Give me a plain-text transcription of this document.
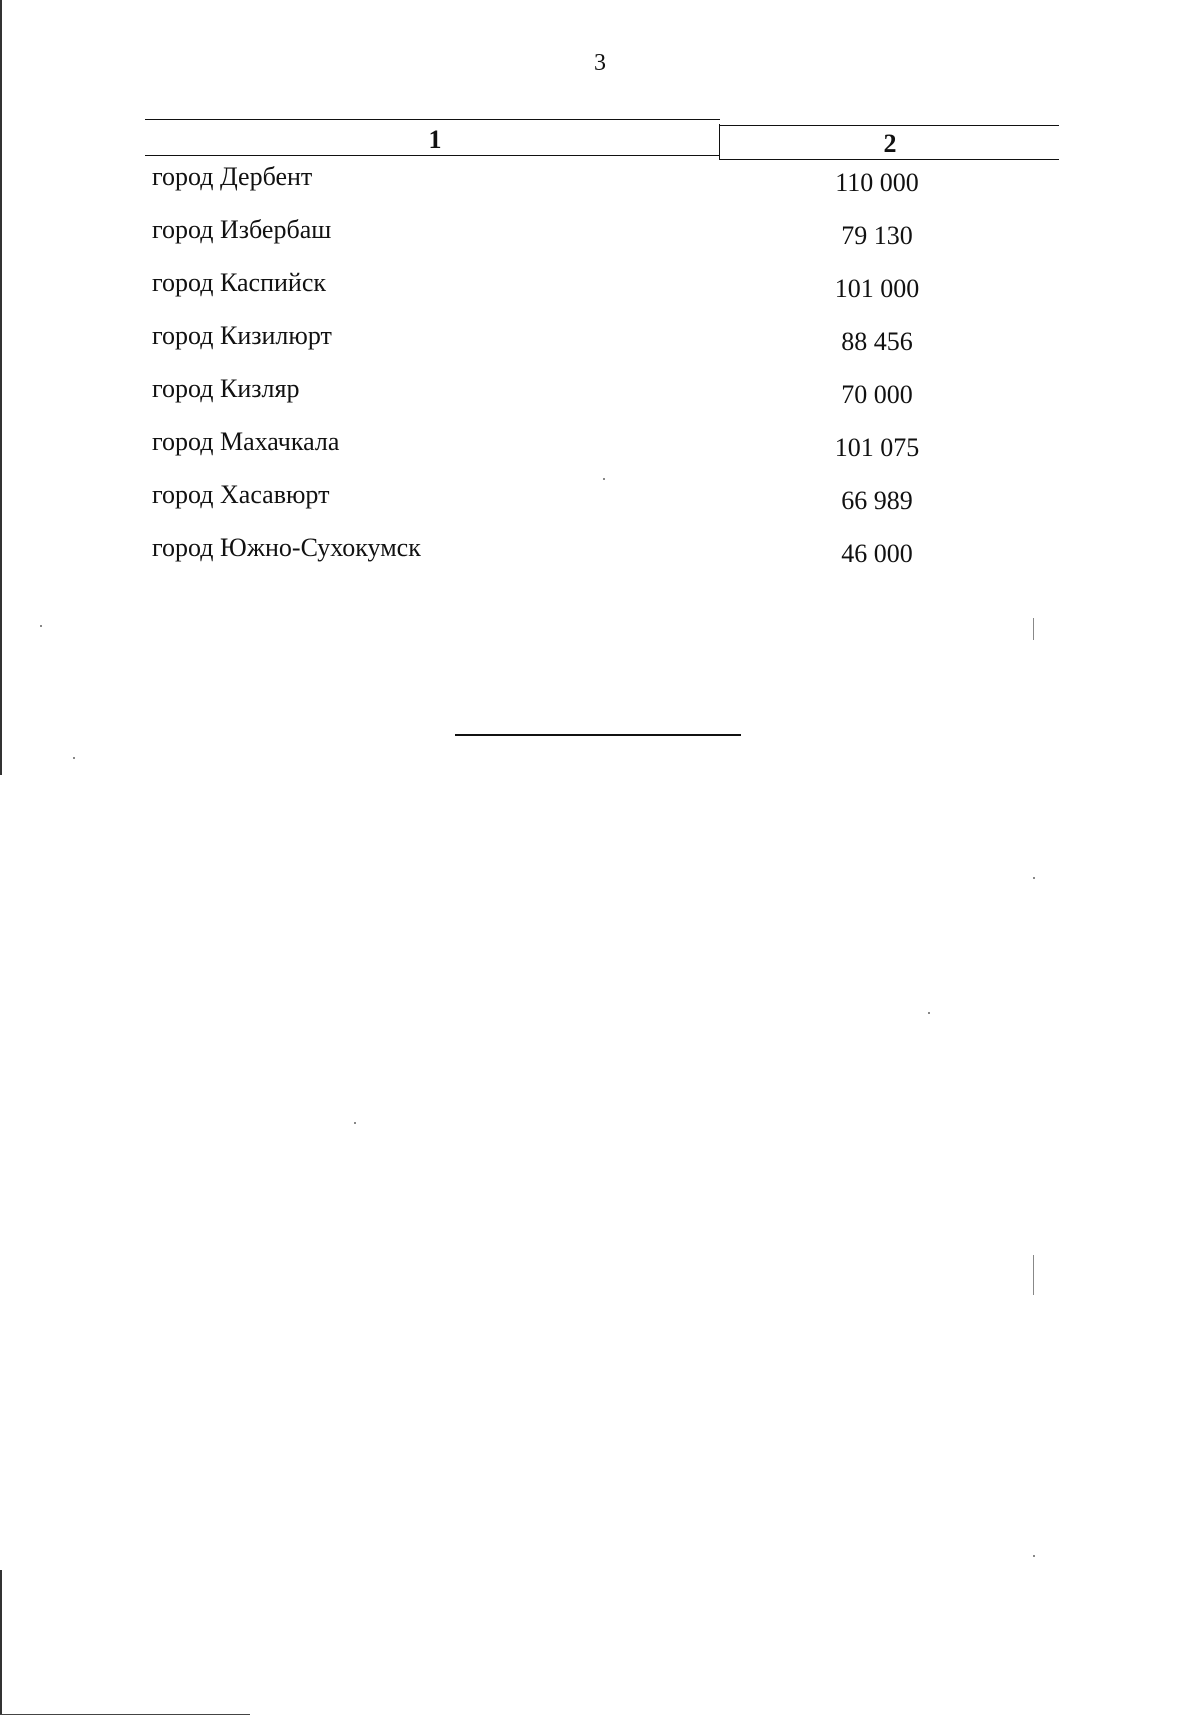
3
1	2
город Дербент	110 000
город Избербаш	79 130
город Каспийск	101 000
город Кизилюрт	88 456
город Кизляр	70 000
город Махачкала	101 075
город Хасавюрт	66 989
город Южно-Сухокумск	46 000
